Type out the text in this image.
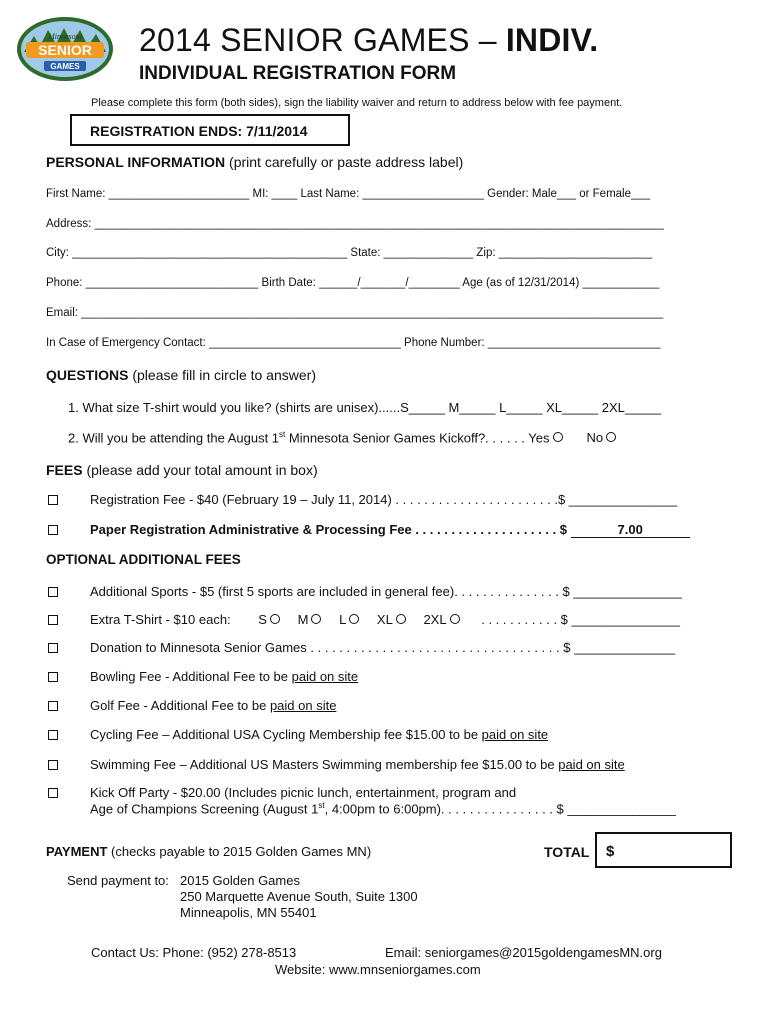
SENIOR
Minnesota
GAMES
2014 SENIOR GAMES – INDIV.
INDIVIDUAL REGISTRATION FORM
Please complete this form (both sides), sign the liability waiver and return to address below with fee payment.
REGISTRATION ENDS: 7/11/2014
PERSONAL INFORMATION (print carefully or paste address label)
First Name: ______________________ MI: ____ Last Name: ___________________ Gender: Male___ or Female___
Address: _________________________________________________________________________________________
City: ___________________________________________ State: ______________ Zip: ________________________
Phone: ___________________________ Birth Date: ______/_______/________ Age (as of 12/31/2014) ____________
Email: ___________________________________________________________________________________________
In Case of Emergency Contact: ______________________________ Phone Number: ___________________________
QUESTIONS (please fill in circle to answer)
1. What size T-shirt would you like? (shirts are unisex)......S_____ M_____ L_____ XL_____ 2XL_____
2. Will you be attending the August 1st Minnesota Senior Games Kickoff?. . . . . . Yes	No
FEES (please add your total amount in box)
Registration Fee - $40 (February 19 – July 11, 2014) . . . . . . . . . . . . . . . . . . . . . . .$ _______________
Paper Registration Administrative & Processing Fee . . . . . . . . . . . . . . . . . . . . $	7.00
OPTIONAL ADDITIONAL FEES
Additional Sports - $5 (first 5 sports are included in general fee). . . . . . . . . . . . . . . $ _______________
Extra T-Shirt - $10 each: S M L XL 2XL	. . . . . . . . . . . $ _______________
Donation to Minnesota Senior Games . . . . . . . . . . . . . . . . . . . . . . . . . . . . . . . . . . . $ ______________
Bowling Fee - Additional Fee to be paid on site
Golf Fee - Additional Fee to be paid on site
Cycling Fee – Additional USA Cycling Membership fee $15.00 to be paid on site
Swimming Fee – Additional US Masters Swimming membership fee $15.00 to be paid on site
Kick Off Party - $20.00 (Includes picnic lunch, entertainment, program and
Age of Champions Screening (August 1st, 4:00pm to 6:00pm). . . . . . . . . . . . . . . . $ _______________
PAYMENT (checks payable to 2015 Golden Games MN)	TOTAL $
Send payment to: 2015 Golden Games
250 Marquette Avenue South, Suite 1300
Minneapolis, MN 55401
Contact Us: Phone: (952) 278-8513	Email: seniorgames@2015goldengamesMN.org
Website: www.mnseniorgames.com
